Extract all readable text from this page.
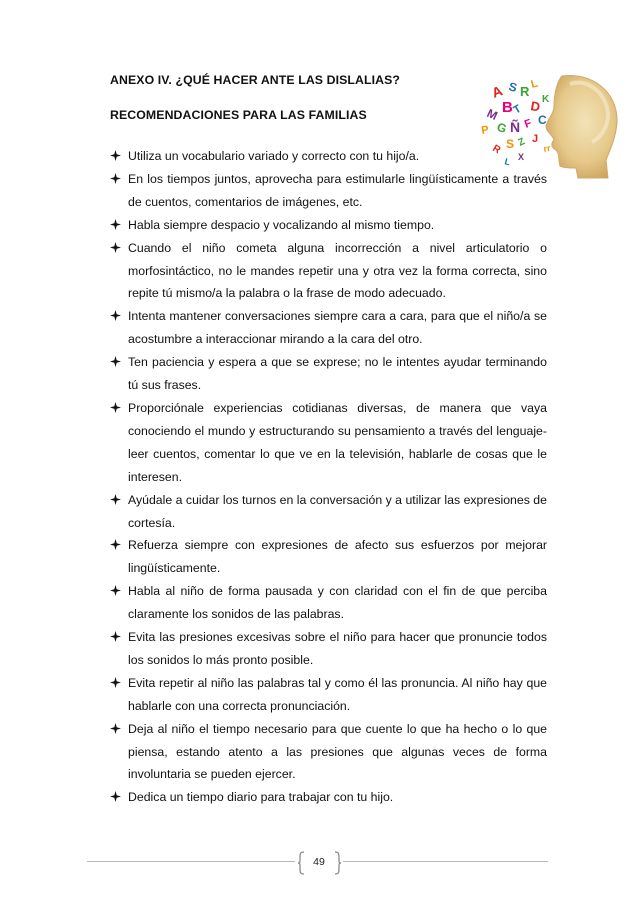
ANEXO IV. ¿QUÉ HACER ANTE LAS DISLALIAS?
RECOMENDACIONES PARA LAS FAMILIAS
A S R L
M B
T D K
P G Ñ F C
R S Z J
L X
rr
Utiliza un vocabulario variado y correcto con tu hijo/a.
En los tiempos juntos, aprovecha para estimularle lingüísticamente a través de cuentos, comentarios de imágenes, etc.
Habla siempre despacio y vocalizando al mismo tiempo.
Cuando el niño cometa alguna incorrección a nivel articulatorio o morfosintáctico, no le mandes repetir una y otra vez la forma correcta, sino repite tú mismo/a la palabra o la frase de modo adecuado.
Intenta mantener conversaciones siempre cara a cara, para que el niño/a se acostumbre a interaccionar mirando a la cara del otro.
Ten paciencia y espera a que se exprese; no le intentes ayudar terminando tú sus frases.
Proporciónale experiencias cotidianas diversas, de manera que vaya conociendo el mundo y estructurando su pensamiento a través del lenguaje- leer cuentos, comentar lo que ve en la televisión, hablarle de cosas que le interesen.
Ayúdale a cuidar los turnos en la conversación y a utilizar las expresiones de cortesía.
Refuerza siempre con expresiones de afecto sus esfuerzos por mejorar lingüísticamente.
Habla al niño de forma pausada y con claridad con el fin de que perciba claramente los sonidos de las palabras.
Evita las presiones excesivas sobre el niño para hacer que pronuncie todos los sonidos lo más pronto posible.
Evita repetir al niño las palabras tal y como él las pronuncia. Al niño hay que hablarle con una correcta pronunciación.
Deja al niño el tiempo necesario para que cuente lo que ha hecho o lo que piensa, estando atento a las presiones que algunas veces de forma involuntaria se pueden ejercer.
Dedica un tiempo diario para trabajar con tu hijo.
49
